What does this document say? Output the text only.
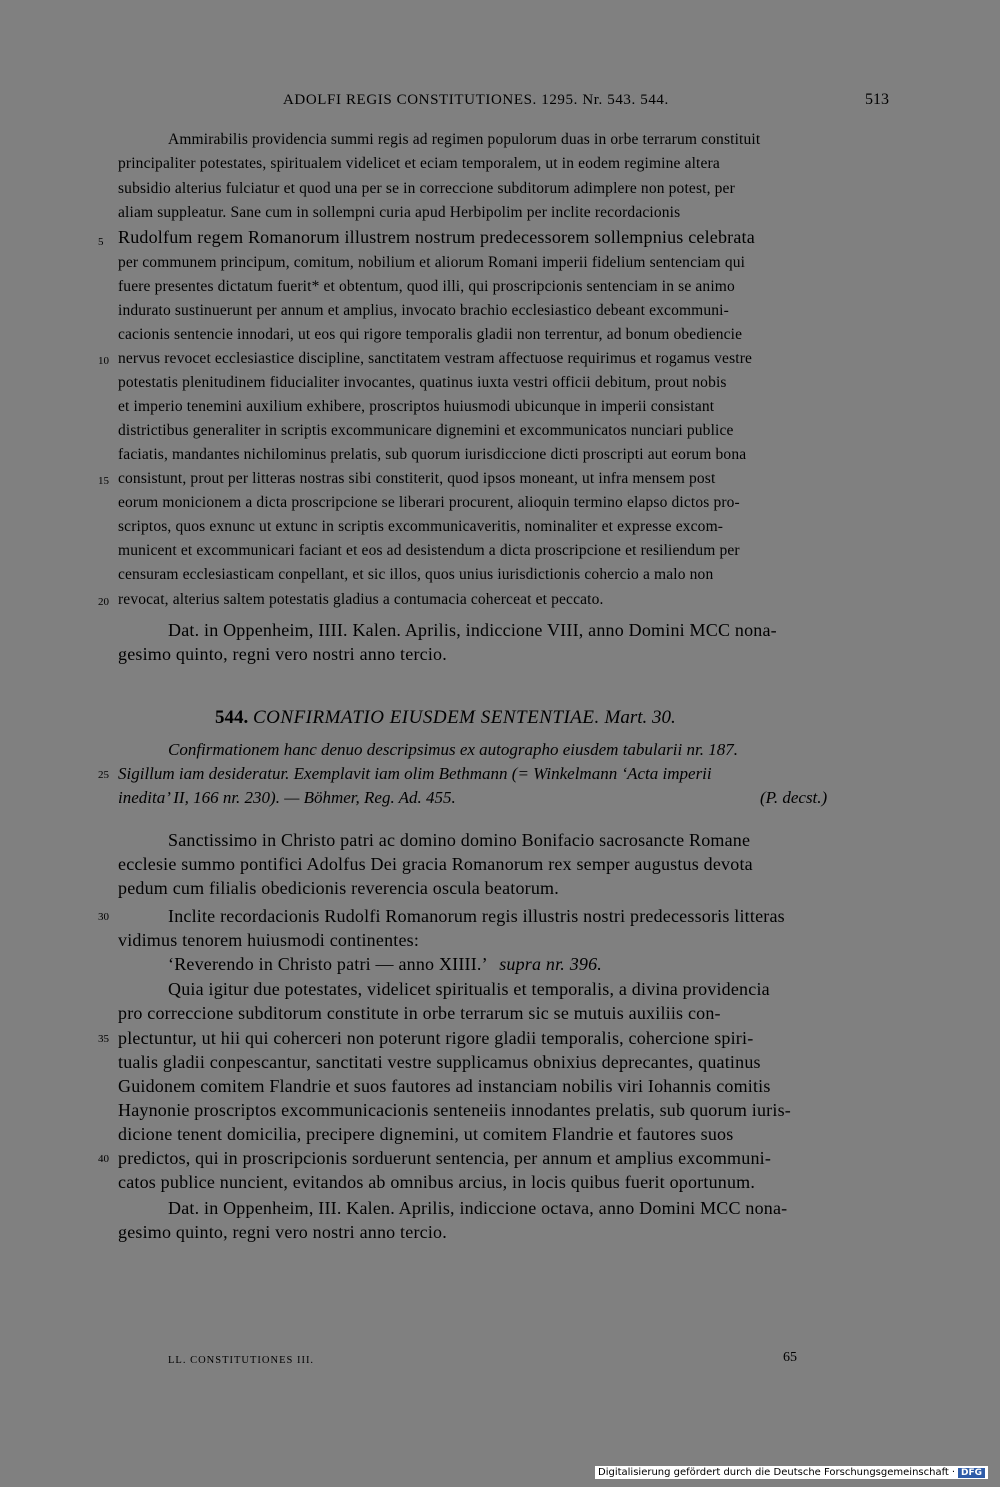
ADOLFI REGIS CONSTITUTIONES. 1295. Nr. 543. 544.	513
Ammirabilis providencia summi regis ad regimen populorum duas in orbe terrarum constituit
principaliter potestates, spiritualem videlicet et eciam temporalem, ut in eodem regimine altera
subsidio alterius fulciatur et quod una per se in correccione subditorum adimplere non potest, per
aliam suppleatur. Sane cum in sollempni curia apud Herbipolim per inclite recordacionis
Rudolfum regem Romanorum illustrem nostrum predecessorem sollempnius celebrata
per communem principum, comitum, nobilium et aliorum Romani imperii fidelium sentenciam qui
fuere presentes dictatum fuerit* et obtentum, quod illi, qui proscripcionis sentenciam in se animo
indurato sustinuerunt per annum et amplius, invocato brachio ecclesiastico debeant excommuni-
cacionis sentencie innodari, ut eos qui rigore temporalis gladii non terrentur, ad bonum obediencie
nervus revocet ecclesiastice discipline, sanctitatem vestram affectuose requirimus et rogamus vestre
potestatis plenitudinem fiducialiter invocantes, quatinus iuxta vestri officii debitum, prout nobis
et imperio tenemini auxilium exhibere, proscriptos huiusmodi ubicunque in imperii consistant
districtibus generaliter in scriptis excommunicare dignemini et excommunicatos nunciari publice
faciatis, mandantes nichilominus prelatis, sub quorum iurisdiccione dicti proscripti aut eorum bona
consistunt, prout per litteras nostras sibi constiterit, quod ipsos moneant, ut infra mensem post
eorum monicionem a dicta proscripcione se liberari procurent, alioquin termino elapso dictos pro-
scriptos, quos exnunc ut extunc in scriptis excommunicaveritis, nominaliter et expresse excom-
municent et excommunicari faciant et eos ad desistendum a dicta proscripcione et resiliendum per
censuram ecclesiasticam conpellant, et sic illos, quos unius iurisdictionis cohercio a malo non
revocat, alterius saltem potestatis gladius a contumacia coherceat et peccato.
Dat. in Oppenheim, IIII. Kalen. Aprilis, indiccione VIII, anno Domini MCC nona-
gesimo quinto, regni vero nostri anno tercio.
544. CONFIRMATIO EIUSDEM SENTENTIAE. Mart. 30.
Confirmationem hanc denuo descripsimus ex autographo eiusdem tabularii nr. 187.
Sigillum iam desideratur. Exemplavit iam olim Bethmann (= Winkelmann ‘Acta imperii
inedita’ II, 166 nr. 230). — Böhmer, Reg. Ad. 455.	(P. decst.)
Sanctissimo in Christo patri ac domino domino Bonifacio sacrosancte Romane
ecclesie summo pontifici Adolfus Dei gracia Romanorum rex semper augustus devota
pedum cum filialis obedicionis reverencia oscula beatorum.
Inclite recordacionis Rudolfi Romanorum regis illustris nostri predecessoris litteras
vidimus tenorem huiusmodi continentes:
‘Reverendo in Christo patri — anno XIIII.’ supra nr. 396.
Quia igitur due potestates, videlicet spiritualis et temporalis, a divina providencia
pro correccione subditorum constitute in orbe terrarum sic se mutuis auxiliis con-
plectuntur, ut hii qui coherceri non poterunt rigore gladii temporalis, cohercione spiri-
tualis gladii conpescantur, sanctitati vestre supplicamus obnixius deprecantes, quatinus
Guidonem comitem Flandrie et suos fautores ad instanciam nobilis viri Iohannis comitis
Haynonie proscriptos excommunicacionis senteneiis innodantes prelatis, sub quorum iuris-
dicione tenent domicilia, precipere dignemini, ut comitem Flandrie et fautores suos
predictos, qui in proscripcionis sorduerunt sentencia, per annum et amplius excommuni-
catos publice nuncient, evitandos ab omnibus arcius, in locis quibus fuerit oportunum.
Dat. in Oppenheim, III. Kalen. Aprilis, indiccione octava, anno Domini MCC nona-
gesimo quinto, regni vero nostri anno tercio.
5
10
15
20
25
30
35
40
LL. CONSTITUTIONES III.	65
Digitalisierung gefördert durch die Deutsche Forschungsgemeinschaft · DFG
